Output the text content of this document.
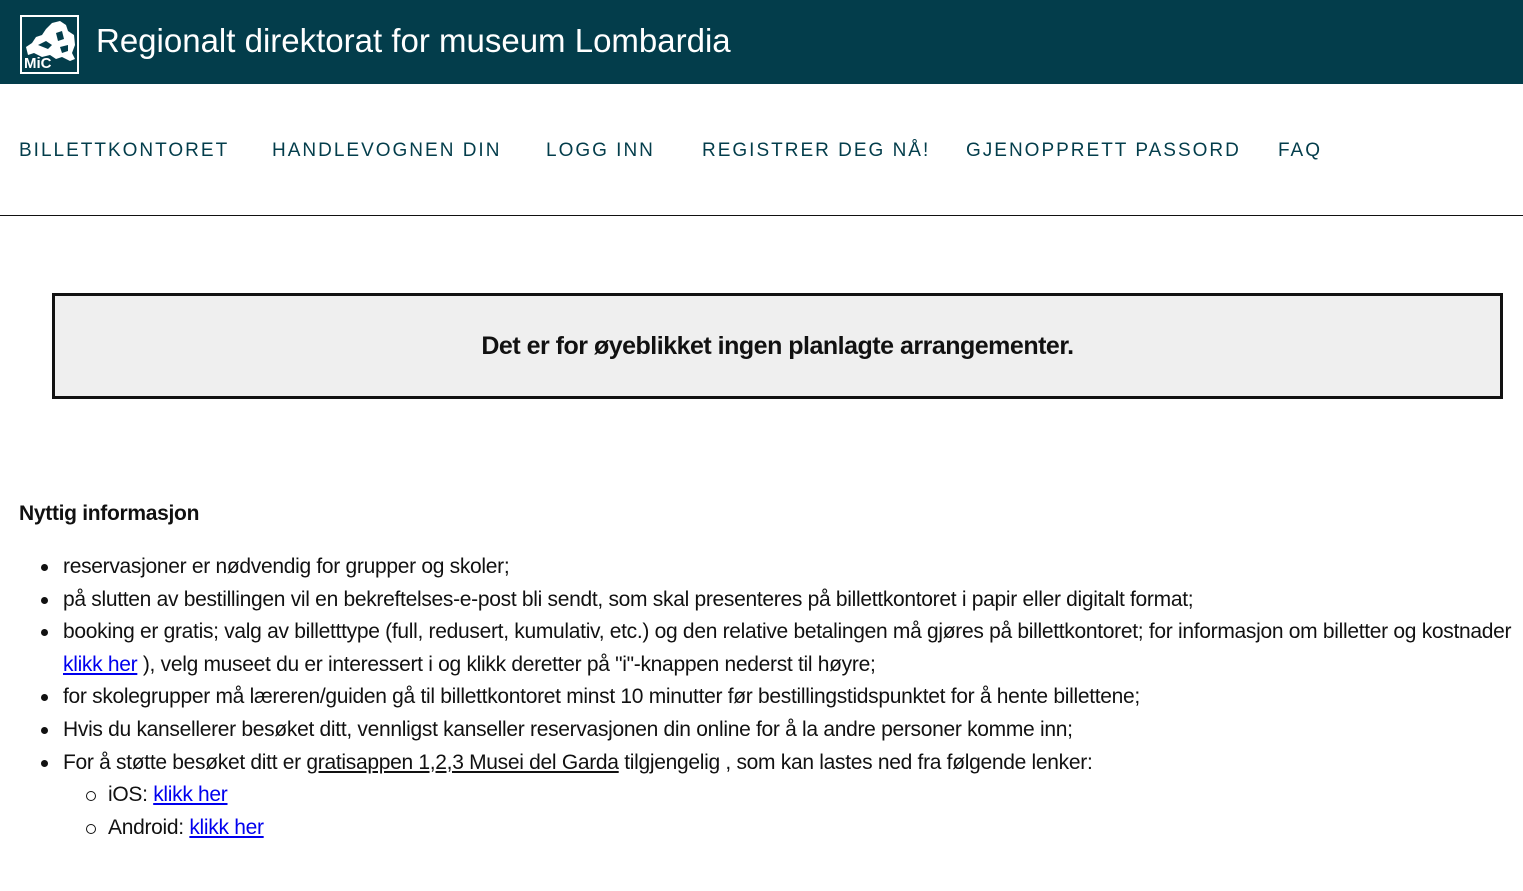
MiC
Regionalt direktorat for museum Lombardia
BILLETTKONTORET HANDLEVOGNEN DIN LOGG INN REGISTRER DEG NÅ! GJENOPPRETT PASSORD FAQ
Det er for øyeblikket ingen planlagte arrangementer.
Nyttig informasjon
reservasjoner er nødvendig for grupper og skoler;
på slutten av bestillingen vil en bekreftelses-e-post bli sendt, som skal presenteres på billettkontoret i papir eller digitalt format;
booking er gratis; valg av billetttype (full, redusert, kumulativ, etc.) og den relative betalingen må gjøres på billettkontoret; for informasjon om billetter og kostnader klikk her ), velg museet du er interessert i og klikk deretter på "i"-knappen nederst til høyre;
for skolegrupper må læreren/guiden gå til billettkontoret minst 10 minutter før bestillingstidspunktet for å hente billettene;
Hvis du kansellerer besøket ditt, vennligst kanseller reservasjonen din online for å la andre personer komme inn;
For å støtte besøket ditt er gratisappen 1,2,3 Musei del Garda tilgjengelig , som kan lastes ned fra følgende lenker:
iOS: klikk her
Android: klikk her
